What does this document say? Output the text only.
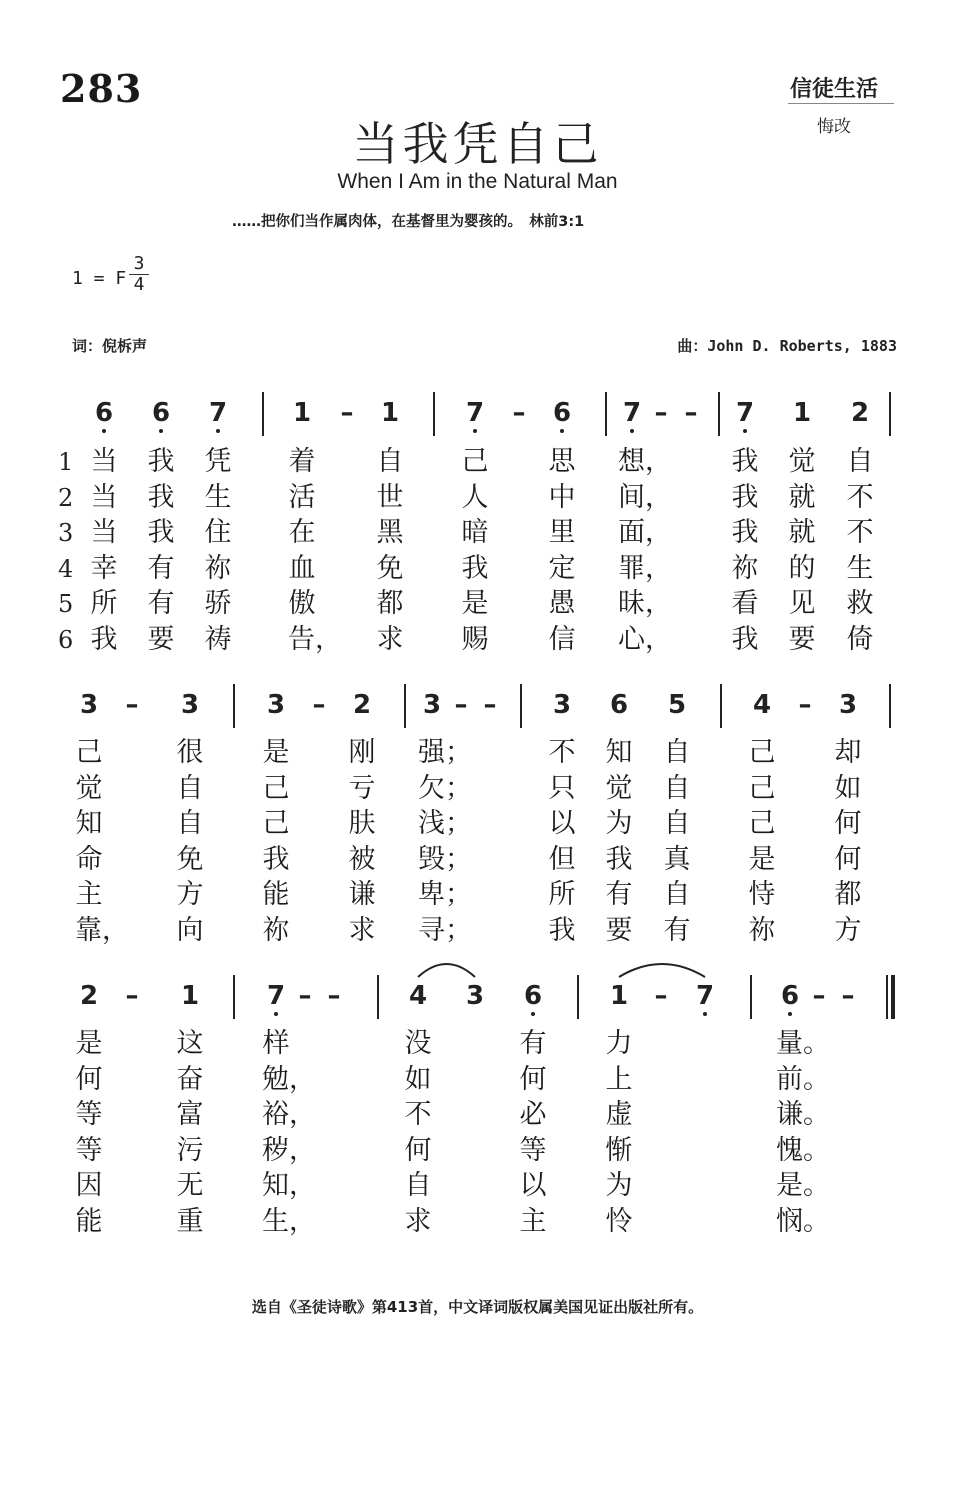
283	信徒生活
悔改
当我凭自己
When I Am in the Natural Man
……把你们当作属肉体，在基督里为婴孩的。　林前3:1
1 = F
3
4
词：倪柝声	曲：John D. Roberts, 1883
6 6 7	1 – 1	7 – 6 7 – – 7 1 2
1 当 我 凭 着 自 己 思 想， 我 觉 自
2 当 我 生 活 世 人 中 间， 我 就 不
3 当 我 住 在 黑 暗 里 面， 我 就 不
4 幸 有 祢 血 免 我 定 罪， 祢 的 生
5 所 有 骄 傲 都 是 愚 昧， 看 见 救
6 我 要 祷 告， 求 赐 信 心， 我 要 倚
3 – 3	3 – 2 3 – – 3 6 5	4 – 3
己	很 是 刚 强；	不 知 自 己 却
觉	自 己 亏 欠；	只 觉 自 己 如
知	自 己 肤 浅；	以 为 自 己 何
命	免 我 被 毁；	但 我 真 是 何
主	方 能 谦 卑；	所 有 自 恃 都
靠， 向 祢 求 寻；	我 要 有 祢 方
2 – 1	7 – –	4 3 6	1 – 7	6 – –
是	这 样	没	有 力	量。
何	奋 勉，	如	何 上	前。
等	富 裕，	不	必 虚	谦。
等	污 秽，	何	等 惭	愧。
因	无 知，	自	以 为	是。
能	重 生，	求	主 怜	悯。
选自《圣徒诗歌》第413首，中文译词版权属美国见证出版社所有。
